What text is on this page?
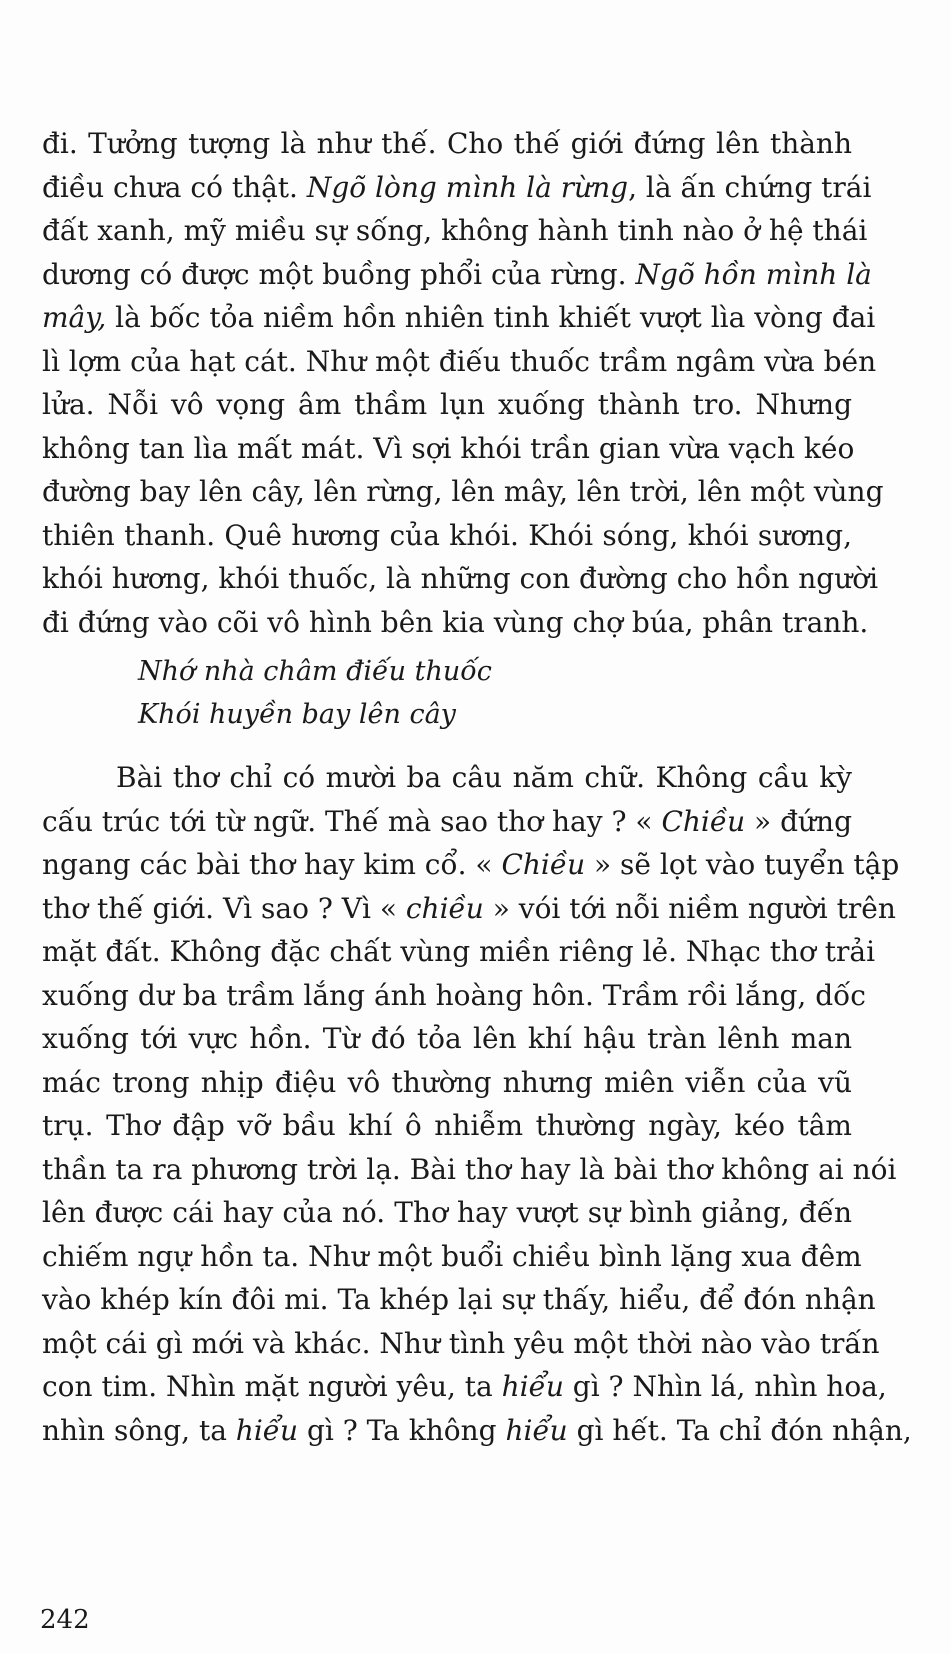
đi. Tưởng tượng là như thế. Cho thế giới đứng lên thành
điều chưa có thật. Ngõ lòng mình là rừng, là ấn chứng trái
đất xanh, mỹ miều sự sống, không hành tinh nào ở hệ thái
dương có được một buồng phổi của rừng. Ngõ hồn mình là
mây, là bốc tỏa niềm hồn nhiên tinh khiết vượt lìa vòng đai
lì lợm của hạt cát. Như một điếu thuốc trầm ngâm vừa bén
lửa. Nỗi vô vọng âm thầm lụn xuống thành tro. Nhưng
không tan lìa mất mát. Vì sợi khói trần gian vừa vạch kéo
đường bay lên cây, lên rừng, lên mây, lên trời, lên một vùng
thiên thanh. Quê hương của khói. Khói sóng, khói sương,
khói hương, khói thuốc, là những con đường cho hồn người
đi đứng vào cõi vô hình bên kia vùng chợ búa, phân tranh.
Nhớ nhà châm điếu thuốc
Khói huyền bay lên cây
Bài thơ chỉ có mười ba câu năm chữ. Không cầu kỳ
cấu trúc tới từ ngữ. Thế mà sao thơ hay ? « Chiều » đứng
ngang các bài thơ hay kim cổ. « Chiều » sẽ lọt vào tuyển tập
thơ thế giới. Vì sao ? Vì « chiều » vói tới nỗi niềm người trên
mặt đất. Không đặc chất vùng miền riêng lẻ. Nhạc thơ trải
xuống dư ba trầm lắng ánh hoàng hôn. Trầm rồi lắng, dốc
xuống tới vực hồn. Từ đó tỏa lên khí hậu tràn lênh man
mác trong nhịp điệu vô thường nhưng miên viễn của vũ
trụ. Thơ đập vỡ bầu khí ô nhiễm thường ngày, kéo tâm
thần ta ra phương trời lạ. Bài thơ hay là bài thơ không ai nói
lên được cái hay của nó. Thơ hay vượt sự bình giảng, đến
chiếm ngự hồn ta. Như một buổi chiều bình lặng xua đêm
vào khép kín đôi mi. Ta khép lại sự thấy, hiểu, để đón nhận
một cái gì mới và khác. Như tình yêu một thời nào vào trấn
con tim. Nhìn mặt người yêu, ta hiểu gì ? Nhìn lá, nhìn hoa,
nhìn sông, ta hiểu gì ? Ta không hiểu gì hết. Ta chỉ đón nhận,
242
